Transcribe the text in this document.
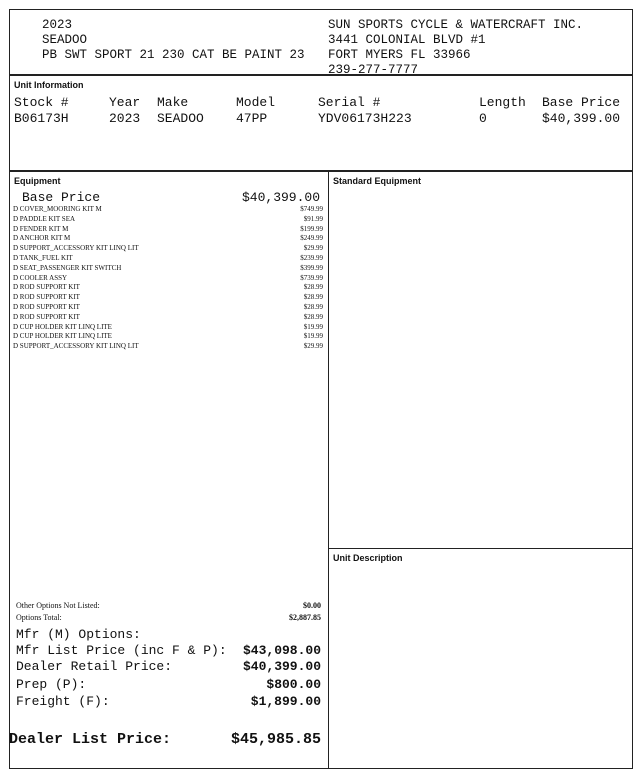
2023
SEADOO
PB SWT SPORT 21 230 CAT BE PAINT 23
SUN SPORTS CYCLE & WATERCRAFT INC.
3441 COLONIAL BLVD #1
FORT MYERS FL 33966
239-277-7777
Unit Information
Stock #	Year Make	Model	Serial #	Length Base Price
B06173H	2023 SEADOO 47PP	YDV06173H223	0	$40,399.00
Equipment
Base Price	$40,399.00
D COVER_MOORING KIT M	$749.99
D PADDLE KIT SEA	$91.99
D FENDER KIT M	$199.99
D ANCHOR KIT M	$249.99
D SUPPORT_ACCESSORY KIT LINQ LIT	$29.99
D TANK_FUEL KIT	$239.99
D SEAT_PASSENGER KIT SWITCH	$399.99
D COOLER ASSY	$739.99
D ROD SUPPORT KIT	$28.99
D ROD SUPPORT KIT	$28.99
D ROD SUPPORT KIT	$28.99
D ROD SUPPORT KIT	$28.99
D CUP HOLDER KIT LINQ LITE	$19.99
D CUP HOLDER KIT LINQ LITE	$19.99
D SUPPORT_ACCESSORY KIT LINQ LIT	$29.99
Standard Equipment
Unit Description
Other Options Not Listed:	$0.00
Options Total:	$2,887.85
Mfr (M) Options:
Mfr List Price (inc F & P): $43,098.00
Dealer Retail Price:	$40,399.00
Prep (P):	$800.00
Freight (F):	$1,899.00
Dealer List Price:	$45,985.85
